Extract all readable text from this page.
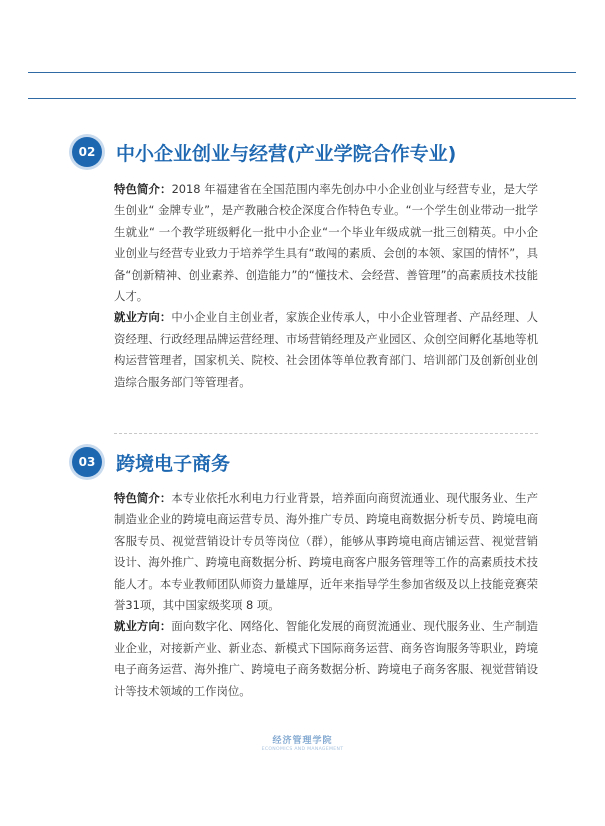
02	中小企业创业与经营(产业学院合作专业)

特色简介：2018 年福建省在全国范围内率先创办中小企业创业与经营专业，是大学生创业“ 金牌专业”，是产教融合校企深度合作特色专业。“一个学生创业带动一批学生就业“ 一个教学班级孵化一批中小企业“一个毕业年级成就一批三创精英。中小企业创业与经营专业致力于培养学生具有“敢闯的素质、会创的本领、家国的情怀”，具备“创新精神、创业素养、创造能力”的“懂技术、会经营、善管理”的高素质技术技能人才。

就业方向：中小企业自主创业者，家族企业传承人，中小企业管理者、产品经理、人资经理、行政经理品牌运营经理、市场营销经理及产业园区、众创空间孵化基地等机构运营管理者，国家机关、院校、社会团体等单位教育部门、培训部门及创新创业创造综合服务部门等管理者。

03	跨境电子商务

特色简介：本专业依托水利电力行业背景，培养面向商贸流通业、现代服务业、生产制造业企业的跨境电商运营专员、海外推广专员、跨境电商数据分析专员、跨境电商客服专员、视觉营销设计专员等岗位（群），能够从事跨境电商店铺运营、视觉营销设计、海外推广、跨境电商数据分析、跨境电商客户服务管理等工作的高素质技术技能人才。本专业教师团队师资力量雄厚，近年来指导学生参加省级及以上技能竞赛荣誉31项，其中国家级奖项 8 项。

就业方向：面向数字化、网络化、智能化发展的商贸流通业、现代服务业、生产制造业企业，对接新产业、新业态、新模式下国际商务运营、商务咨询服务等职业，跨境电子商务运营、海外推广、跨境电子商务数据分析、跨境电子商务客服、视觉营销设计等技术领域的工作岗位。

经济管理学院
ECONOMICS AND MANAGEMENT
